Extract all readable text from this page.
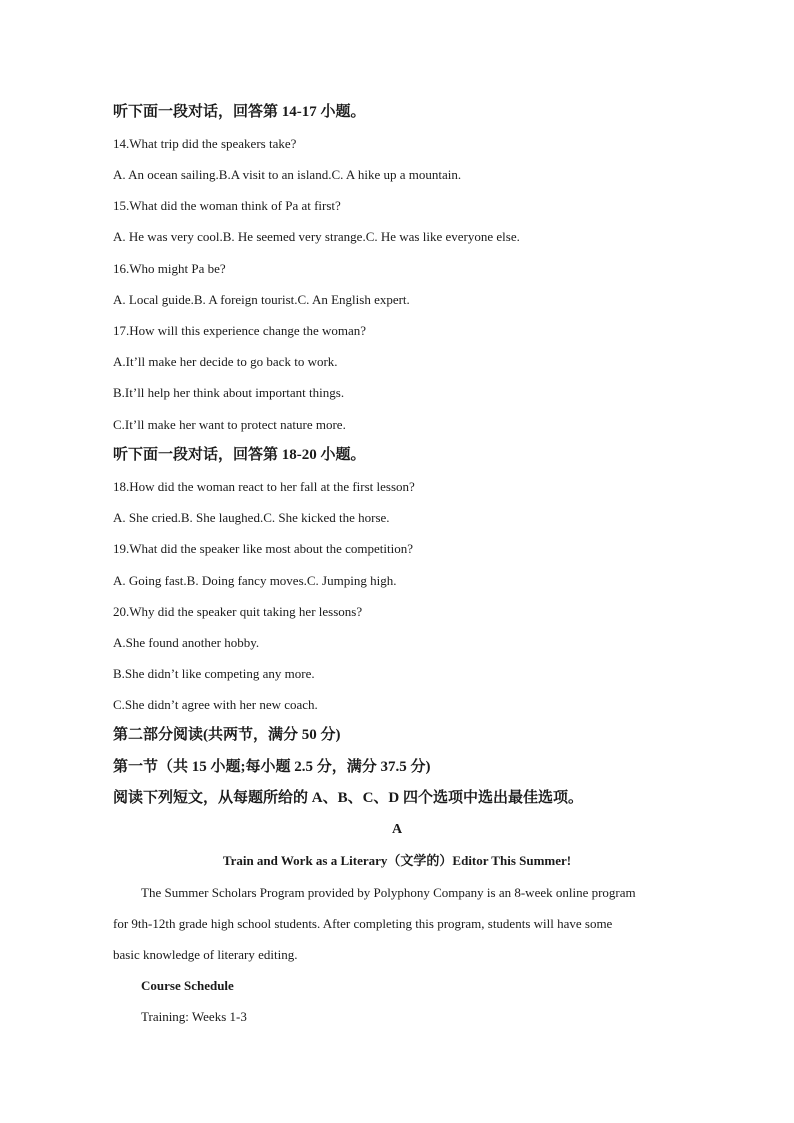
听下面一段对话，回答第 14-17 小题。
14.What trip did the speakers take?
A. An ocean sailing.B.A visit to an island.C. A hike up a mountain.
15.What did the woman think of Pa at first?
A. He was very cool.B. He seemed very strange.C. He was like everyone else.
16.Who might Pa be?
A. Local guide.B. A foreign tourist.C. An English expert.
17.How will this experience change the woman?
A.It’ll make her decide to go back to work.
B.It’ll help her think about important things.
C.It’ll make her want to protect nature more.
听下面一段对话，回答第 18-20 小题。
18.How did the woman react to her fall at the first lesson?
A. She cried.B. She laughed.C. She kicked the horse.
19.What did the speaker like most about the competition?
A. Going fast.B. Doing fancy moves.C. Jumping high.
20.Why did the speaker quit taking her lessons?
A.She found another hobby.
B.She didn’t like competing any more.
C.She didn’t agree with her new coach.
第二部分阅读(共两节，满分 50 分)
第一节（共 15 小题;每小题 2.5 分，满分 37.5 分)
阅读下列短文，从每题所给的 A、B、C、D 四个选项中选出最佳选项。
A
Train and Work as a Literary（文学的）Editor This Summer!
The Summer Scholars Program provided by Polyphony Company is an 8-week online program
for 9th-12th grade high school students. After completing this program, students will have some
basic knowledge of literary editing.
Course Schedule
Training: Weeks 1-3
